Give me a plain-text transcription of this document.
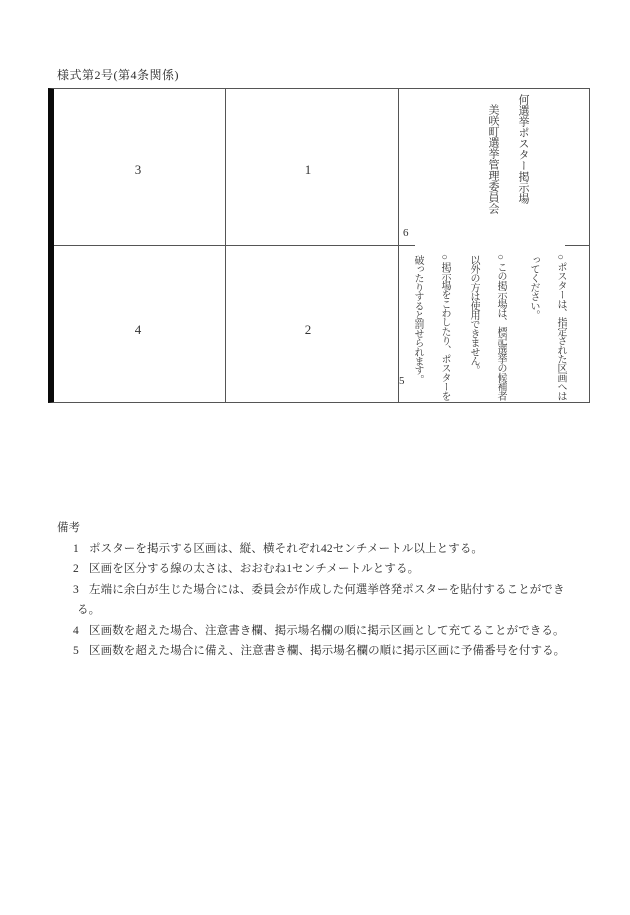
様式第2号(第4条関係)
3	1
4	2
何選挙ポスター掲示場
美咲町選挙管理委員会
6
○ポスターは、指定された区画へは
ってください。
○この掲示場は、標記選挙の候補者
以外の方は使用できません。
○掲示場をこわしたり、ポスターを
破ったりすると罰せられます。
5
備考
1 ポスターを掲示する区画は、縦、横それぞれ42センチメートル以上とする。
2 区画を区分する線の太さは、おおむね1センチメートルとする。
3 左端に余白が生じた場合には、委員会が作成した何選挙啓発ポスターを貼付することができ
る。
4 区画数を超えた場合、注意書き欄、掲示場名欄の順に掲示区画として充てることができる。
5 区画数を超えた場合に備え、注意書き欄、掲示場名欄の順に掲示区画に予備番号を付する。
